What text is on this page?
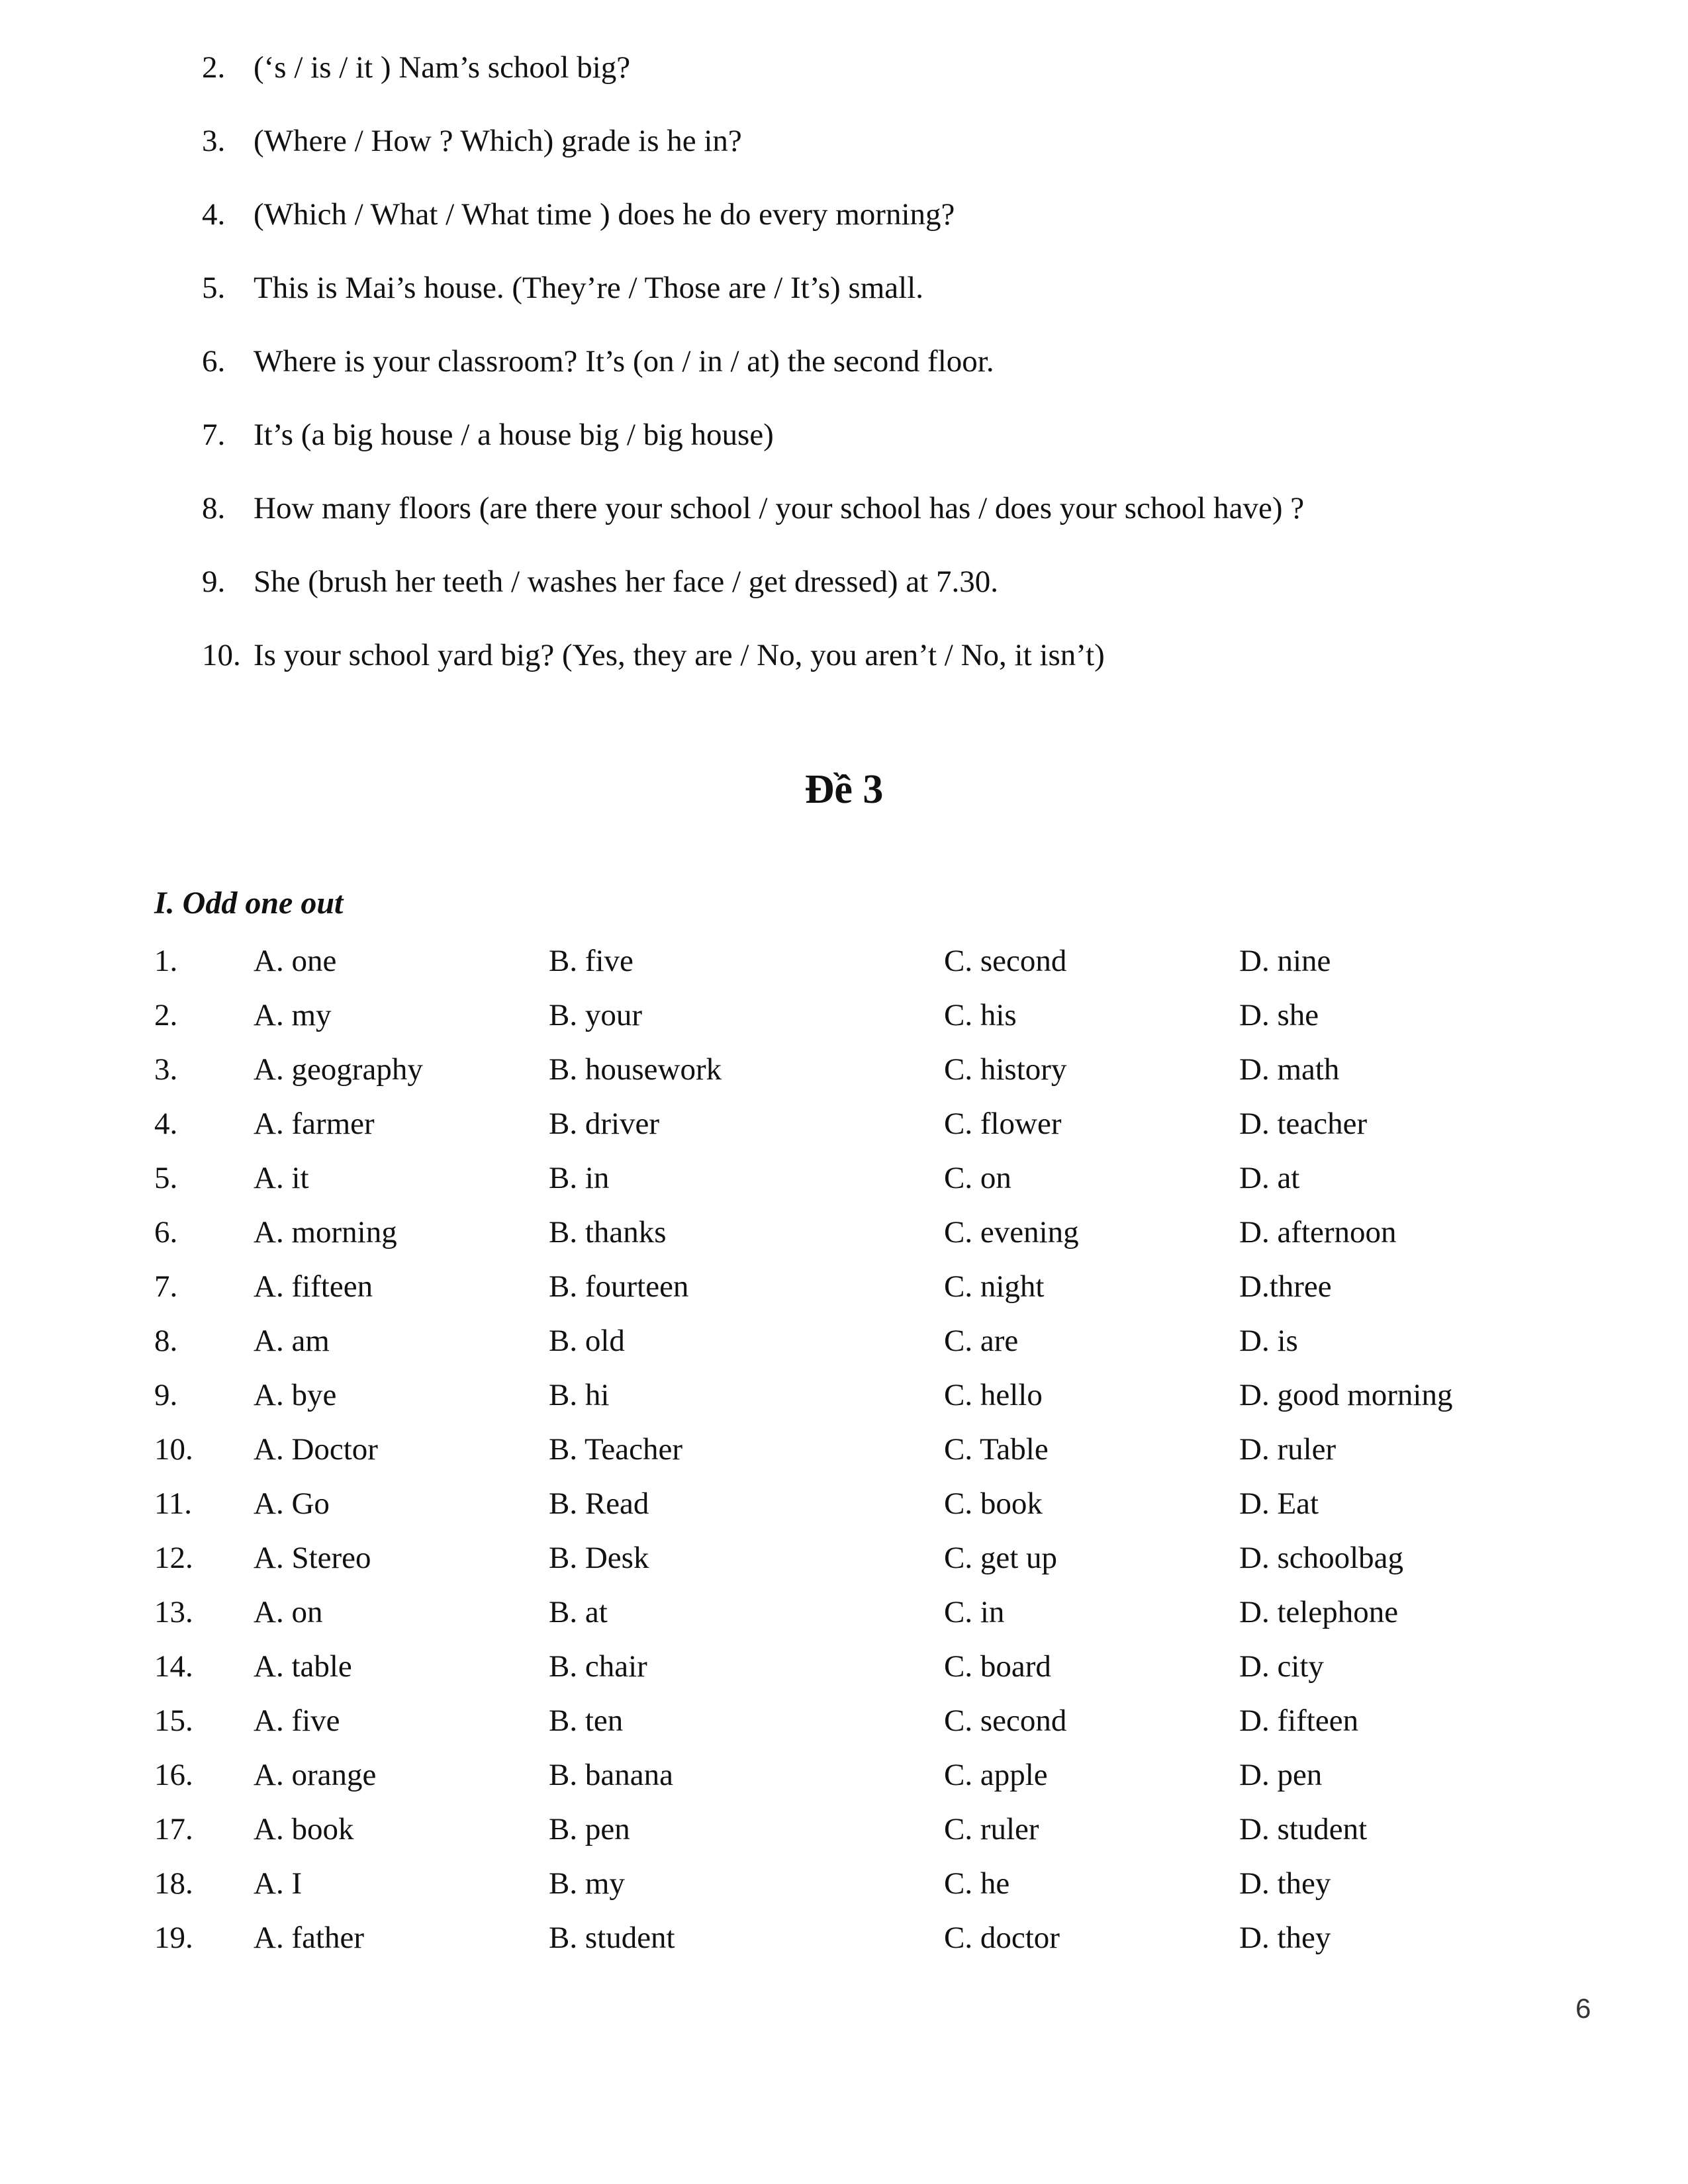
2. (‘s / is / it ) Nam’s school big?
3. (Where / How ? Which) grade is he in?
4. (Which / What / What time ) does he do every morning?
5. This is Mai’s house. (They’re / Those are / It’s) small.
6. Where is your classroom? It’s (on / in / at) the second floor.
7. It’s (a big house / a house big / big house)
8. How many floors (are there your school / your school has / does your school have) ?
9. She (brush her teeth / washes her face / get dressed) at 7.30.
10. Is your school yard big? (Yes, they are / No, you aren’t / No, it isn’t)
Đề 3
I. Odd one out
1. A. one	B. five	C. second	D. nine
2. A. my	B. your	C. his	D. she
3. A. geography	B. housework	C. history	D. math
4. A. farmer	B. driver	C. flower	D. teacher
5. A. it	B. in	C. on	D. at
6. A. morning	B. thanks	C. evening	D. afternoon
7. A. fifteen	B. fourteen	C. night	D.three
8. A. am	B. old	C. are	D. is
9. A. bye	B. hi	C. hello	D. good morning
10. A. Doctor	B. Teacher	C. Table	D. ruler
11. A. Go	B. Read	C. book	D. Eat
12. A. Stereo	B. Desk	C. get up	D. schoolbag
13. A. on	B. at	C. in	D. telephone
14. A. table	B. chair	C. board	D. city
15. A. five	B. ten	C. second	D. fifteen
16. A. orange	B. banana	C. apple	D. pen
17. A. book	B. pen	C. ruler	D. student
18. A. I	B. my	C. he	D. they
19. A. father	B. student	C. doctor	D. they
6
